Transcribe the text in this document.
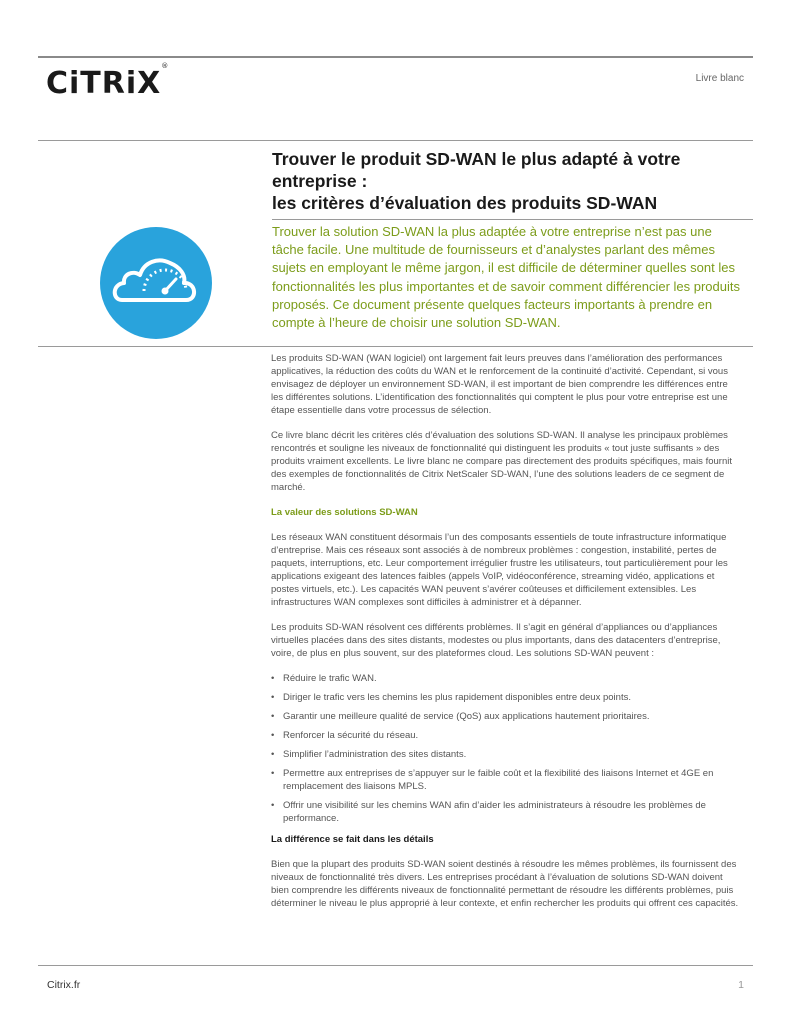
CiTRiX®
Livre blanc
Trouver le produit SD-WAN le plus adapté à votre entreprise :
les critères d’évaluation des produits SD-WAN
Trouver la solution SD-WAN la plus adaptée à votre entreprise n’est pas une tâche facile. Une multitude de fournisseurs et d’analystes parlant des mêmes sujets en employant le même jargon, il est difficile de déterminer quelles sont les fonctionnalités les plus importantes et de savoir comment différencier les produits proposés. Ce document présente quelques facteurs importants à prendre en compte à l’heure de choisir une solution SD-WAN.

Les produits SD-WAN (WAN logiciel) ont largement fait leurs preuves dans l’amélioration des performances applicatives, la réduction des coûts du WAN et le renforcement de la continuité d’activité. Cependant, si vous envisagez de déployer un environnement SD-WAN, il est important de bien comprendre les différences entre les différentes solutions. L’identification des fonctionnalités qui comptent le plus pour votre entreprise est une étape essentielle dans votre processus de sélection.

Ce livre blanc décrit les critères clés d’évaluation des solutions SD-WAN. Il analyse les principaux problèmes rencontrés et souligne les niveaux de fonctionnalité qui distinguent les produits « tout juste suffisants » des produits vraiment excellents. Le livre blanc ne compare pas directement des produits spécifiques, mais fournit des exemples de fonctionnalités de Citrix NetScaler SD-WAN, l’une des solutions leaders de ce segment de marché.

La valeur des solutions SD-WAN

Les réseaux WAN constituent désormais l’un des composants essentiels de toute infrastructure informatique d’entreprise. Mais ces réseaux sont associés à de nombreux problèmes : congestion, instabilité, pertes de paquets, interruptions, etc. Leur comportement irrégulier frustre les utilisateurs, tout particulièrement pour les applications exigeant des latences faibles (appels VoIP, vidéoconférence, streaming vidéo, applications et postes virtuels, etc.). Les capacités WAN peuvent s’avérer coûteuses et difficilement extensibles. Les infrastructures WAN complexes sont difficiles à administrer et à dépanner.

Les produits SD-WAN résolvent ces différents problèmes. Il s’agit en général d’appliances ou d’appliances virtuelles placées dans des sites distants, modestes ou plus importants, dans des datacenters d’entreprise, voire, de plus en plus souvent, sur des plateformes cloud. Les solutions SD-WAN peuvent :

• Réduire le trafic WAN.
• Diriger le trafic vers les chemins les plus rapidement disponibles entre deux points.
• Garantir une meilleure qualité de service (QoS) aux applications hautement prioritaires.
• Renforcer la sécurité du réseau.
• Simplifier l’administration des sites distants.
• Permettre aux entreprises de s’appuyer sur le faible coût et la flexibilité des liaisons Internet et 4GE en remplacement des liaisons MPLS.
• Offrir une visibilité sur les chemins WAN afin d’aider les administrateurs à résoudre les problèmes de performance.

La différence se fait dans les détails

Bien que la plupart des produits SD-WAN soient destinés à résoudre les mêmes problèmes, ils fournissent des niveaux de fonctionnalité très divers. Les entreprises procédant à l’évaluation de solutions SD-WAN doivent bien comprendre les différents niveaux de fonctionnalité permettant de résoudre les différents problèmes, puis déterminer le niveau le plus approprié à leur contexte, et enfin rechercher les produits qui offrent ces capacités.

Citrix.fr	1
